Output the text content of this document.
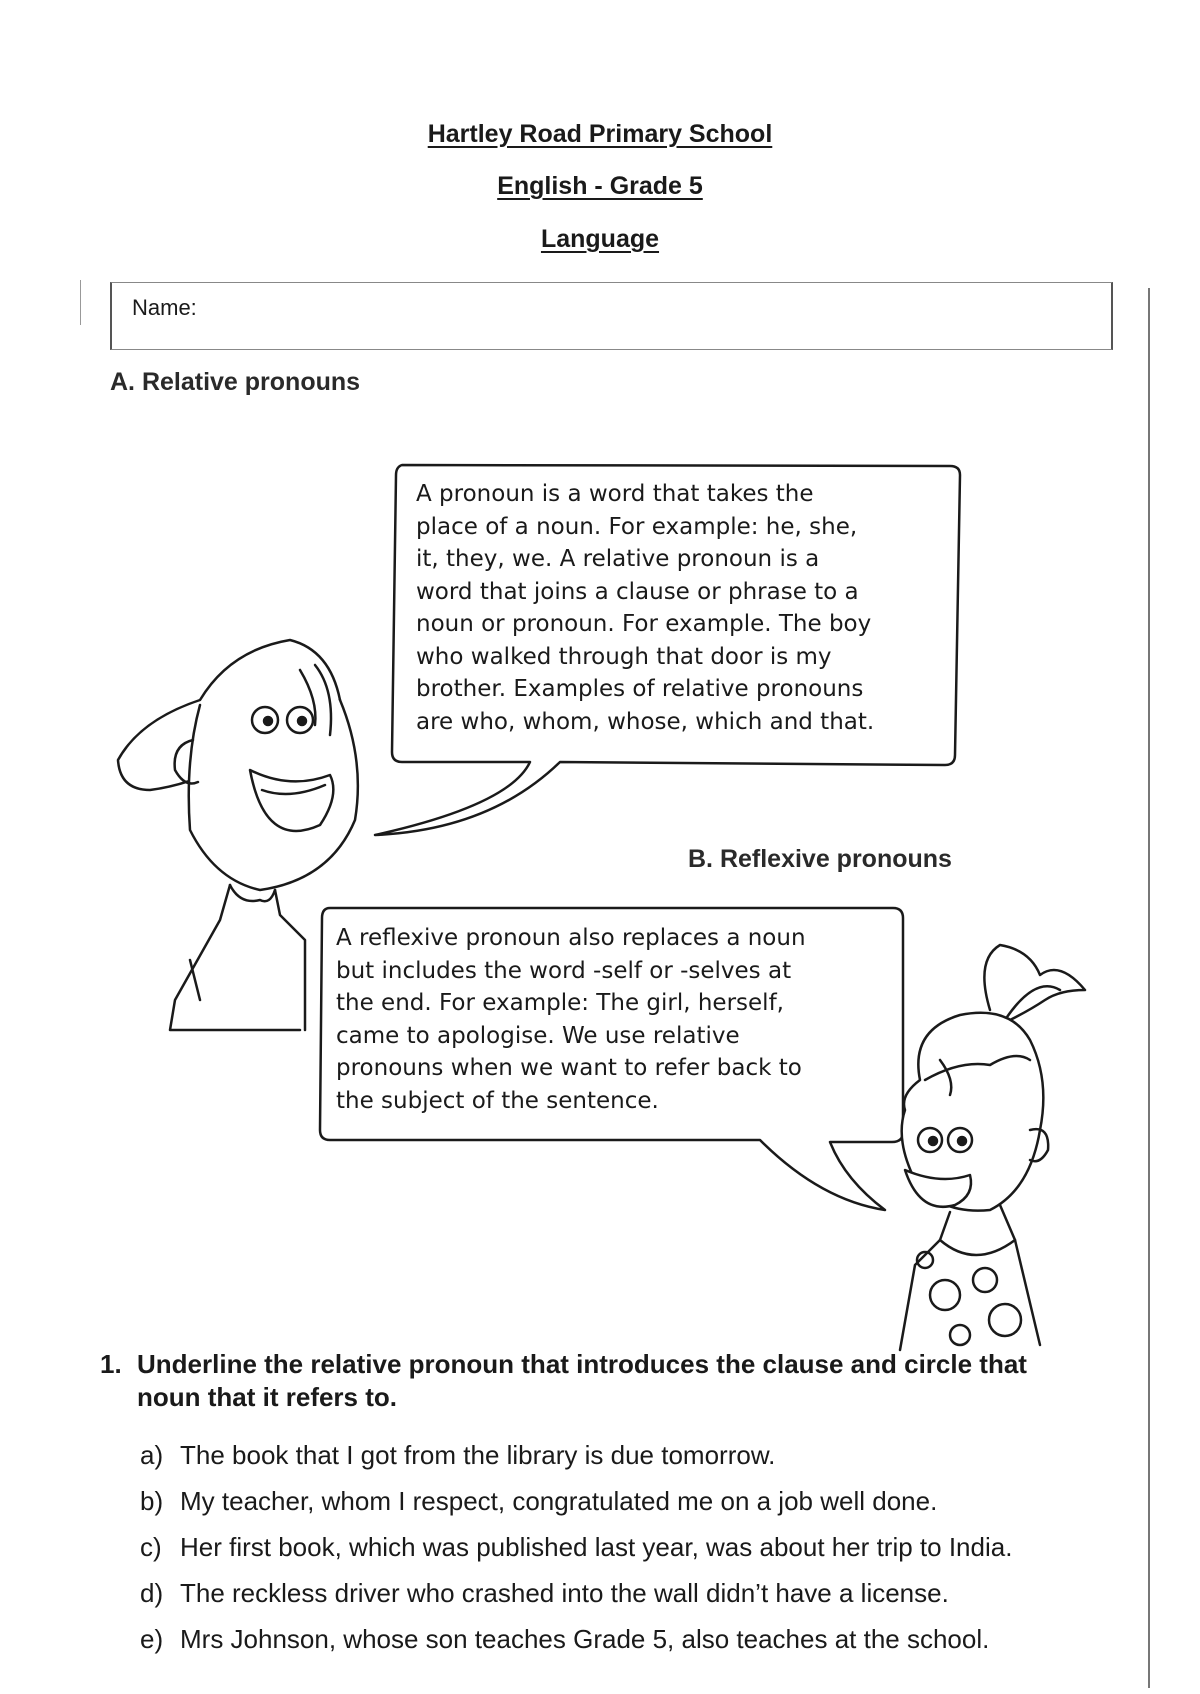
Hartley Road Primary School
English - Grade 5
Language
Name:
A. Relative pronouns
A pronoun is a word that takes the
place of a noun. For example: he, she,
it, they, we. A relative pronoun is a
word that joins a clause or phrase to a
noun or pronoun. For example. The boy
who walked through that door is my
brother. Examples of relative pronouns
are who, whom, whose, which and that.
B. Reflexive pronouns
A reflexive pronoun also replaces a noun
but includes the word -self or -selves at
the end. For example: The girl, herself,
came to apologise. We use relative
pronouns when we want to refer back to
the subject of the sentence.
1. Underline the relative pronoun that introduces the clause and circle that noun that it refers to.
a) The book that I got from the library is due tomorrow.
b) My teacher, whom I respect, congratulated me on a job well done.
c) Her first book, which was published last year, was about her trip to India.
d) The reckless driver who crashed into the wall didn’t have a license.
e) Mrs Johnson, whose son teaches Grade 5, also teaches at the school.
